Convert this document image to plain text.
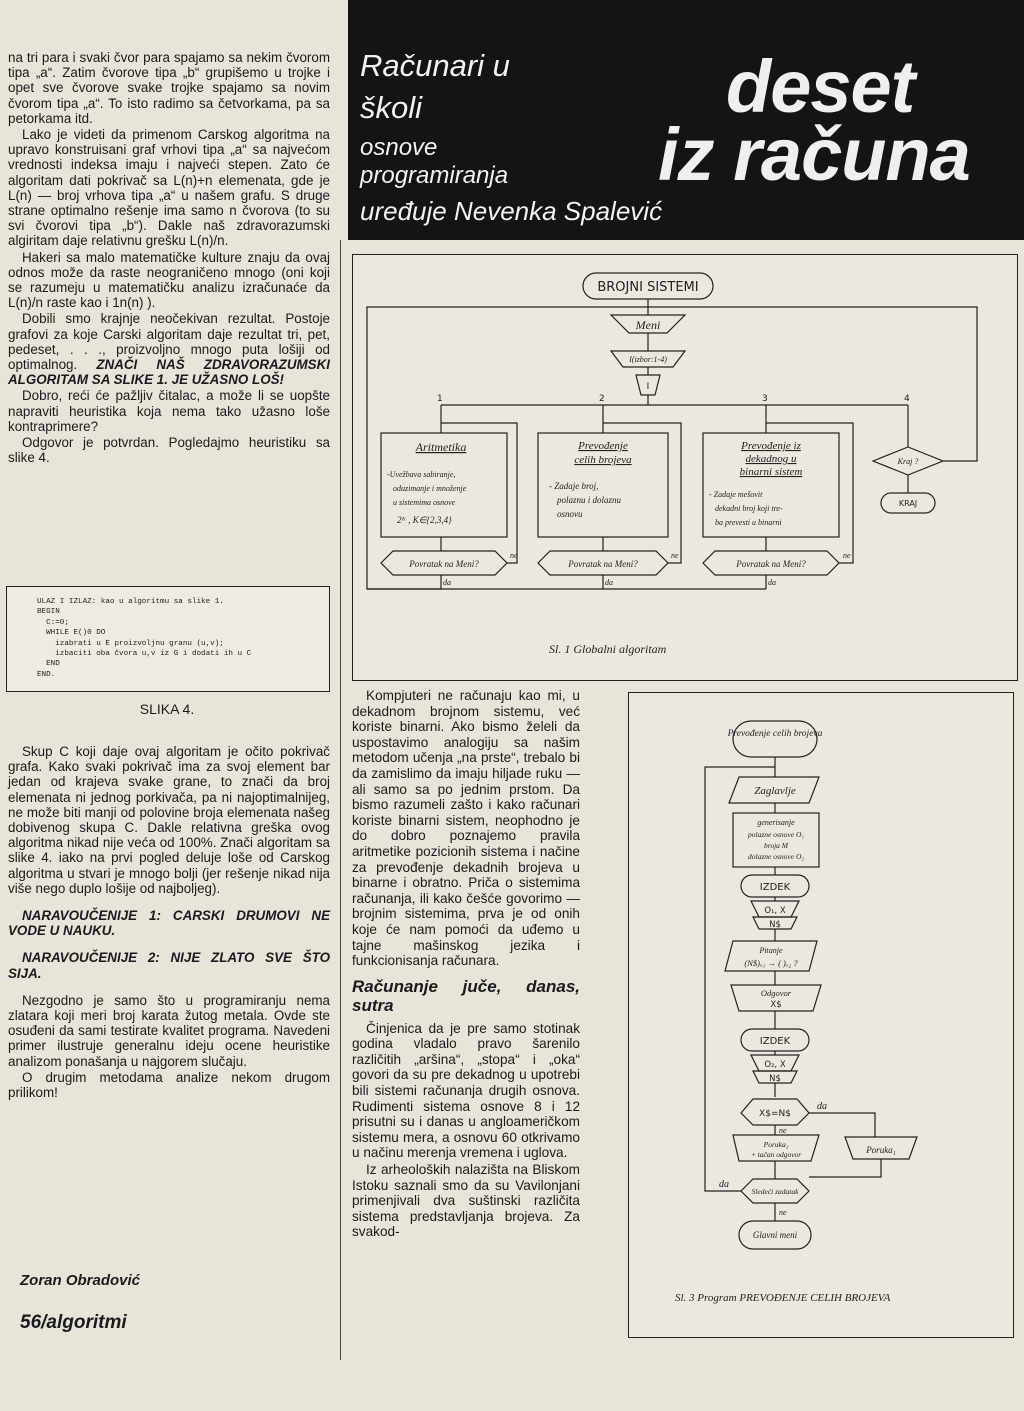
Računari u
školi
osnove
programiranja
uređuje Nevenka Spalević
deset
iz računa

na tri para i svaki čvor para spajamo sa nekim čvorom tipa „a“. Zatim čvorove tipa „b“ grupišemo u trojke i opet sve čvorove svake trojke spajamo sa novim čvorom tipa „a“. To isto radimo sa četvorkama, pa sa petorkama itd.

Lako je videti da primenom Carskog algoritma na upravo konstruisani graf vrhovi tipa „a“ sa najvećom vrednosti indeksa imaju i najveći stepen. Zato će algoritam dati pokrivač sa L(n)+n elemenata, gde je L(n) — broj vrhova tipa „a“ u našem grafu. S druge strane optimalno rešenje ima samo n čvorova (to su svi čvorovi tipa „b“). Dakle naš zdravorazumski algiritam daje relativnu grešku L(n)/n.

Hakeri sa malo matematičke kulture znaju da ovaj odnos može da raste neograničeno mnogo (oni koji se razumeju u matematičku analizu izračunaće da L(n)/n raste kao i 1n(n) ).

Dobili smo krajnje neočekivan rezultat. Postoje grafovi za koje Carski algoritam daje rezultat tri, pet, pedeset, . . ., proizvoljno mnogo puta lošiji od optimalnog. ZNAČI NAŠ ZDRAVORAZUMSKI ALGORITAM SA SLIKE 1. JE UŽASNO LOŠ!

Dobro, reći će pažljiv čitalac, a može li se uopšte napraviti heuristika koja nema tako užasno loše kontraprimere?

Odgovor je potvrdan. Pogledajmo heuristiku sa slike 4.

ULAZ I IZLAZ: kao u algoritmu sa slike 1.
BEGIN
C:=0;
WHILE E()0 DO
izabrati u E proizvoljnu granu (u,v);
izbaciti oba čvora u,v iz G i dodati ih u C
END
END.
SLIKA 4.

Skup C koji daje ovaj algoritam je očito pokrivač grafa. Kako svaki pokrivač ima za svoj element bar jedan od krajeva svake grane, to znači da broj elemenata ni jednog porkivača, pa ni najoptimalnijeg, ne može biti manji od polovine broja elemenata našeg dobivenog skupa C. Dakle relativna greška ovog algoritma nikad nije veća od 100%. Znači algoritam sa slike 4. iako na prvi pogled deluje loše od Carskog algoritma u stvari je mnogo bolji (jer rešenje nikad nija više nego duplo lošije od najboljeg).

NARAVOUČENIJE 1: CARSKI DRUMOVI NE VODE U NAUKU.

NARAVOUČENIJE 2: NIJE ZLATO SVE ŠTO SIJA.

Nezgodno je samo što u programiranju nema zlatara koji meri broj karata žutog metala. Ovde ste osuđeni da sami testirate kvalitet programa. Navedeni primer ilustruje generalnu ideju ocene heuristike analizom ponašanja u najgorem slučaju.

O drugim metodama analize nekom drugom prilikom!

Zoran Obradović
56/algoritmi
BROJNI SISTEMI
Meni
I(izbor:1-4)
I
1	2	3	4
Aritmetika
-Uvežbava sabiranje,
oduzimanje i množenje
u sistemima osnove
2ᴷ , K∈{2,3,4}
Prevođenje
celih brojeva
- Zadaje broj,
polaznu i dolaznu
osnovu
Prevođenje iz
dekadnog u
binarni sistem
- Zadaje mešovit
dekadni broj koji tre-
ba prevesti u binarni
Povratak na Meni?	Povratak na Meni?	Povratak na Meni?
ne	ne	ne
da	da	da
Kraj ?
KRAJ
Sl. 1 Globalni algoritam

Kompjuteri ne računaju kao mi, u dekadnom brojnom sistemu, već koriste binarni. Ako bismo želeli da uspostavimo analogiju sa našim metodom učenja „na prste“, trebalo bi da zamislimo da imaju hiljade ruku — ali samo sa po jednim prstom. Da bismo razumeli zašto i kako računari koriste binarni sistem, neophodno je do dobro poznajemo pravila aritmetike pozicionih sistema i načine za prevođenje dekadnih brojeva u binarne i obratno. Priča o sistemima računanja, ili kako češće govorimo — brojnim sistemima, prva je od onih koje će nam pomoći da uđemo u tajne mašinskog jezika i funkcionisanja računara.

Računanje juče, danas, sutra

Činjenica da je pre samo stotinak godina vladalo pravo šarenilo različitih „aršina“, „stopa“ i „oka“ govori da su pre dekadnog u upotrebi bili sistemi računanja drugih osnova. Rudimenti sistema osnove 8 i 12 prisutni su i danas u angloameričkom sistemu mera, a osnovu 60 otkrivamo u načinu merenja vremena i uglova.

Iz arheoloških nalazišta na Bliskom Istoku saznali smo da su Vavilonjani primenjivali dva suštinski različita sistema predstavljanja brojeva. Za svakod-

Prevođenje celih brojeva
Zaglavlje
generisanje
polazne osnove O₁
broja M
dolazne osnove O₂
IZDEK
O₁, X
N$
Pitanje
(N$)ₒ₁ → ( )ₒ₂ ?
Odgovor
X$
IZDEK
O₂, X
N$
X$=N$
da
ne
Poruka₂
+ tačan odgovor	Poruka₁
Sledeći zadatak
da
ne
Glavni meni
Sl. 3 Program PREVOĐENJE CELIH BROJEVA
